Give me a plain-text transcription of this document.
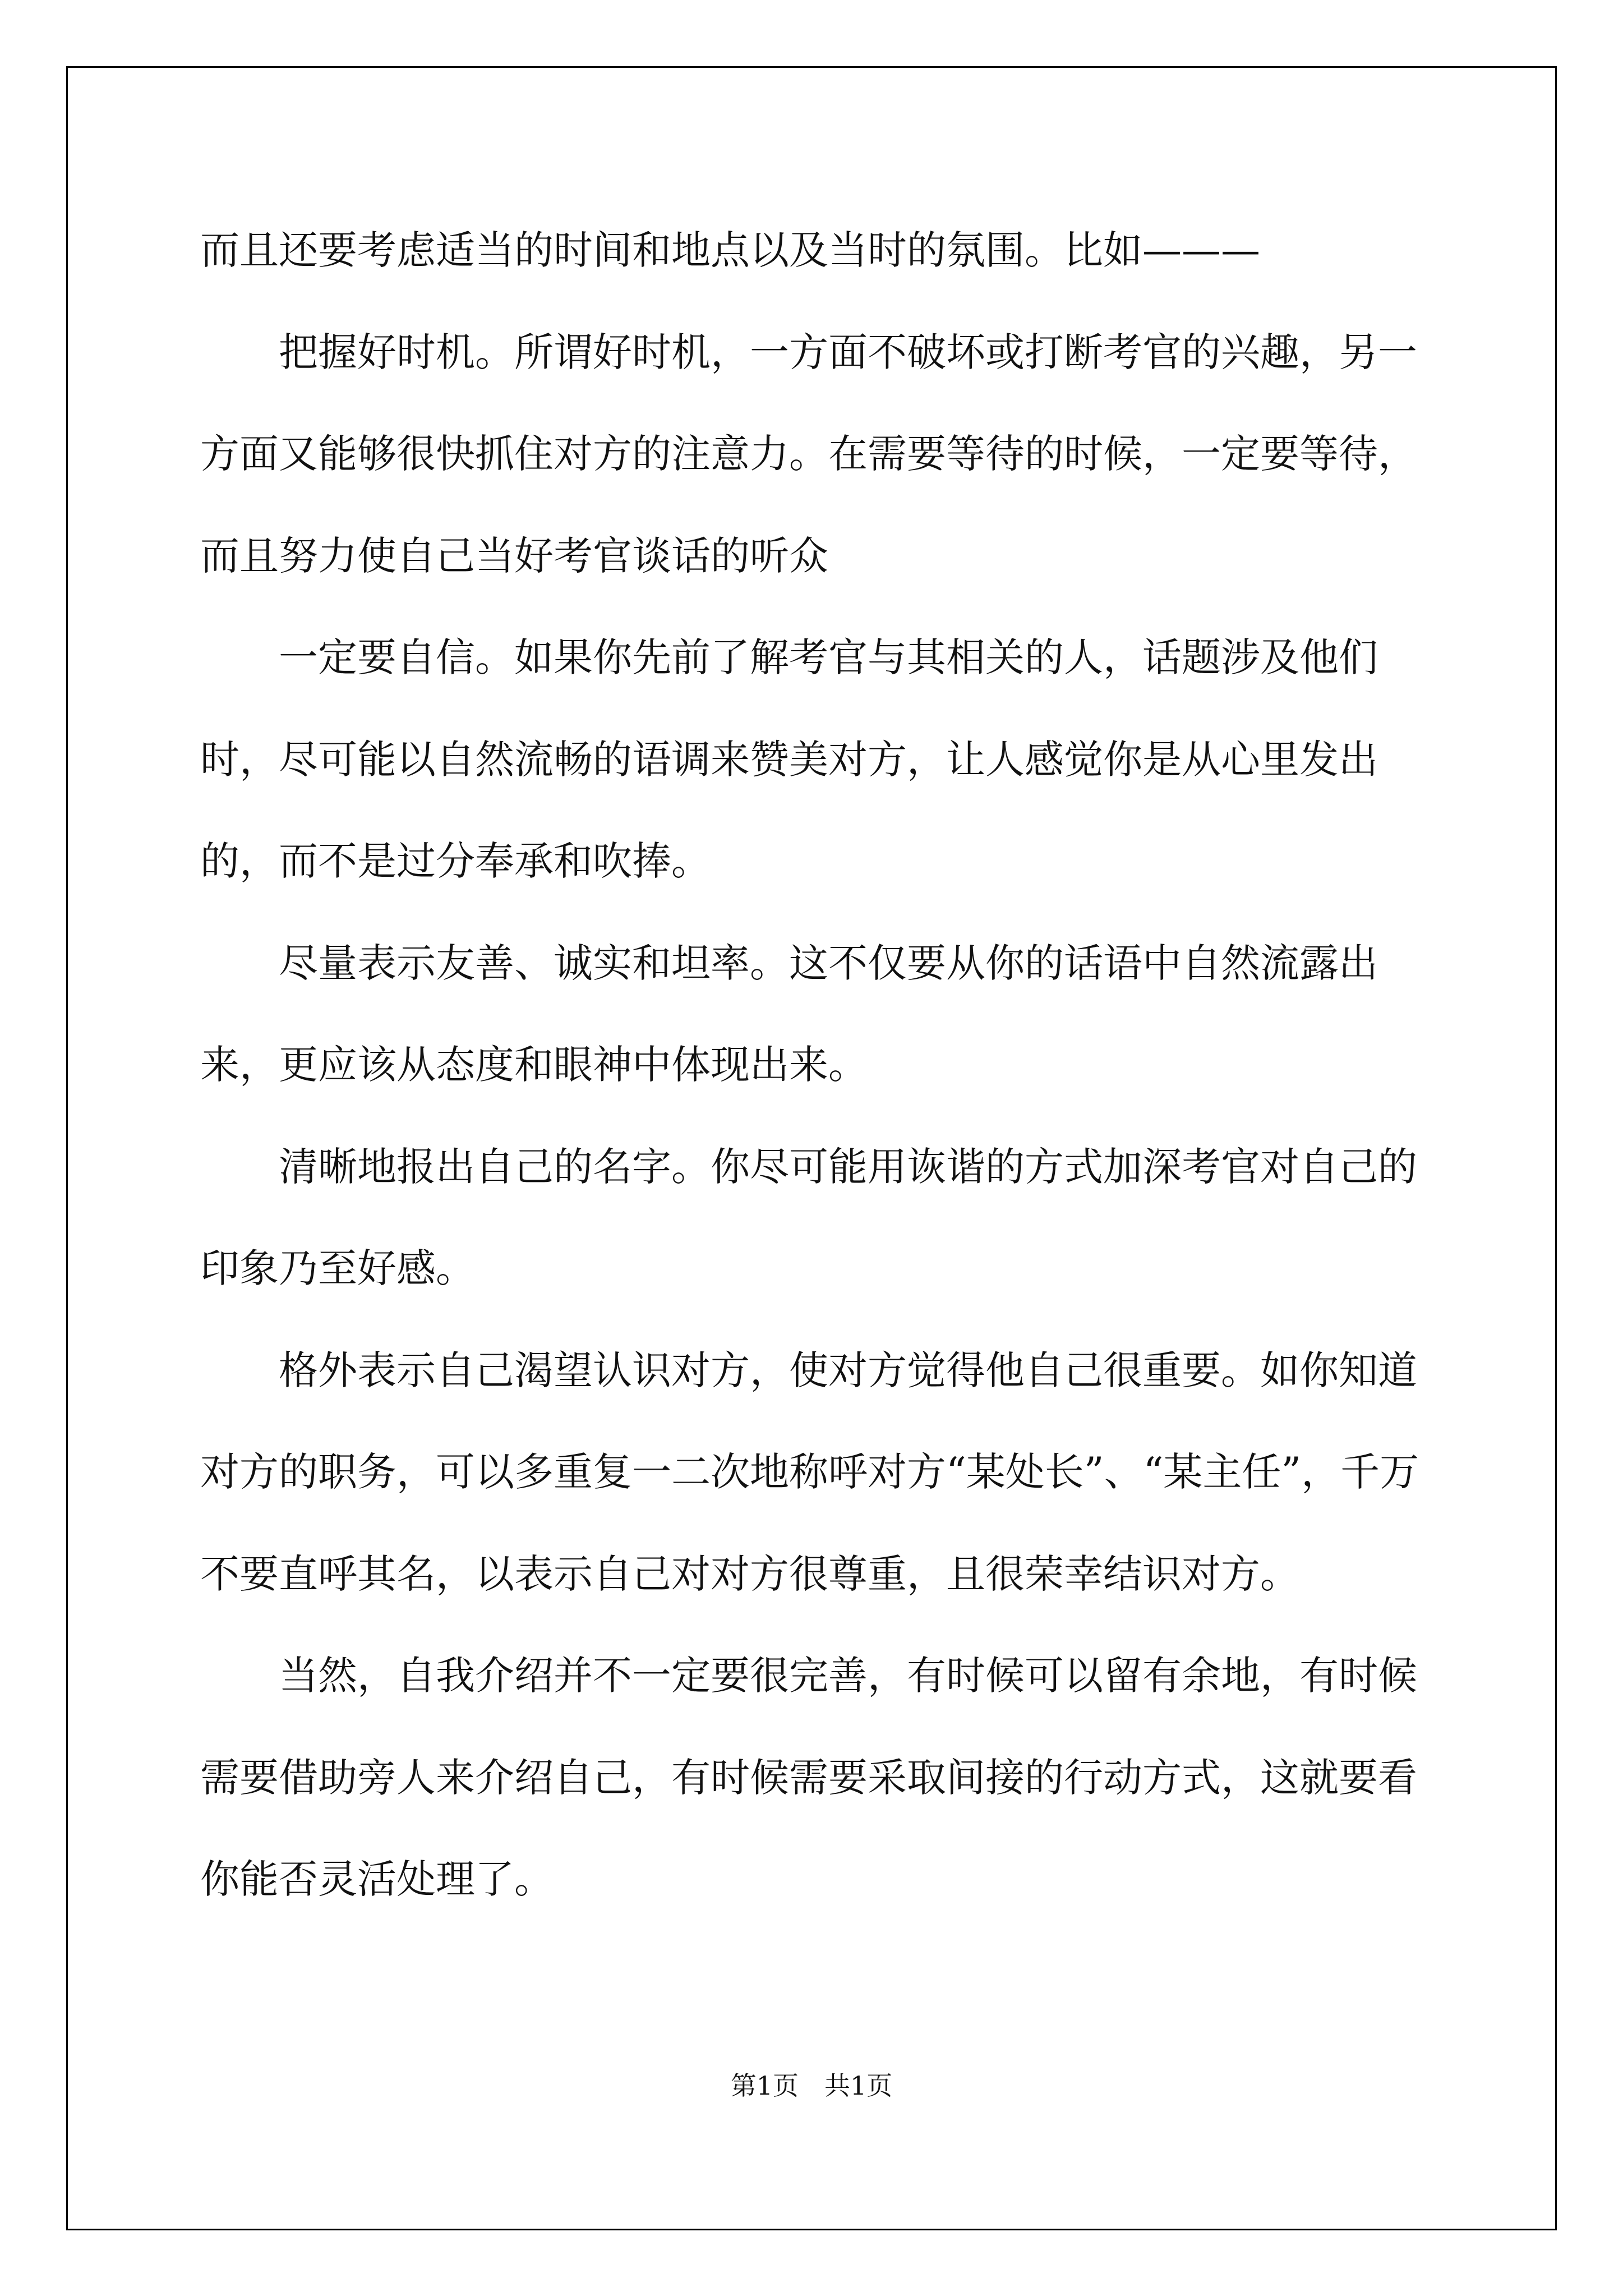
而且还要考虑适当的时间和地点以及当时的氛围。比如———

把握好时机。所谓好时机，一方面不破坏或打断考官的兴趣，另一方面又能够很快抓住对方的注意力。在需要等待的时候，一定要等待，而且努力使自己当好考官谈话的听众

一定要自信。如果你先前了解考官与其相关的人，话题涉及他们时，尽可能以自然流畅的语调来赞美对方，让人感觉你是从心里发出的，而不是过分奉承和吹捧。

尽量表示友善、诚实和坦率。这不仅要从你的话语中自然流露出来，更应该从态度和眼神中体现出来。

清晰地报出自己的名字。你尽可能用诙谐的方式加深考官对自己的印象乃至好感。

格外表示自己渴望认识对方，使对方觉得他自己很重要。如你知道对方的职务，可以多重复一二次地称呼对方“某处长”、“某主任”，千万不要直呼其名，以表示自己对对方很尊重，且很荣幸结识对方。

当然，自我介绍并不一定要很完善，有时候可以留有余地，有时候需要借助旁人来介绍自己，有时候需要采取间接的行动方式，这就要看你能否灵活处理了。

第1页　共1页
